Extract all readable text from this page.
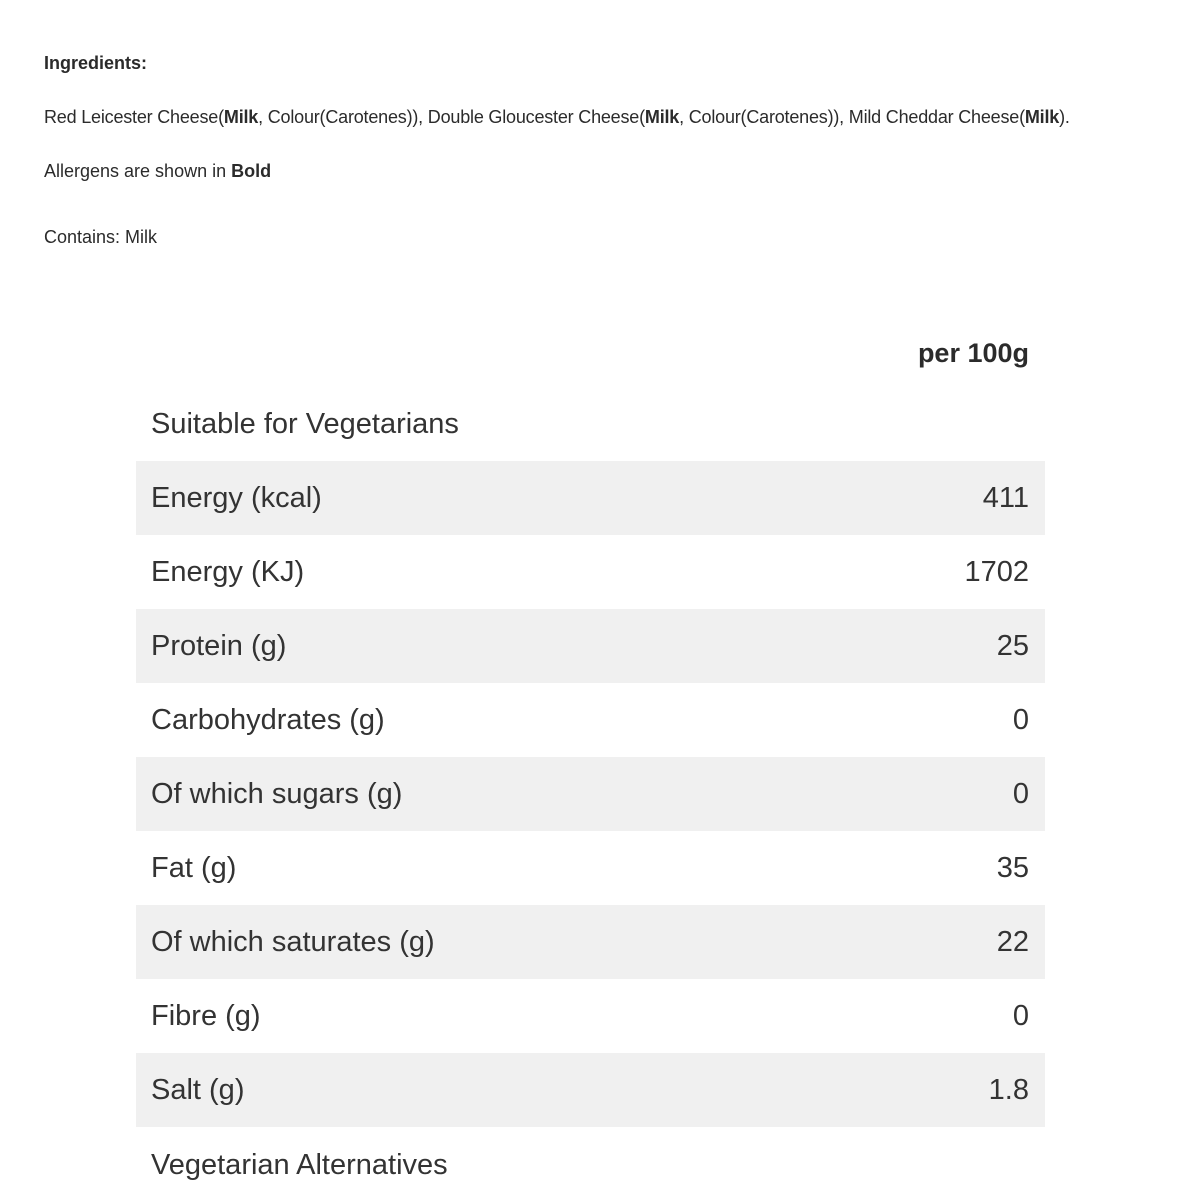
Ingredients:

Red Leicester Cheese(Milk, Colour(Carotenes)), Double Gloucester Cheese(Milk, Colour(Carotenes)), Mild Cheddar Cheese(Milk).

Allergens are shown in Bold

Contains: Milk

per 100g
Suitable for Vegetarians
Energy (kcal)	411
Energy (KJ)	1702
Protein (g)	25
Carbohydrates (g)	0
Of which sugars (g)	0
Fat (g)	35
Of which saturates (g)	22
Fibre (g)	0
Salt (g)	1.8
Vegetarian Alternatives
